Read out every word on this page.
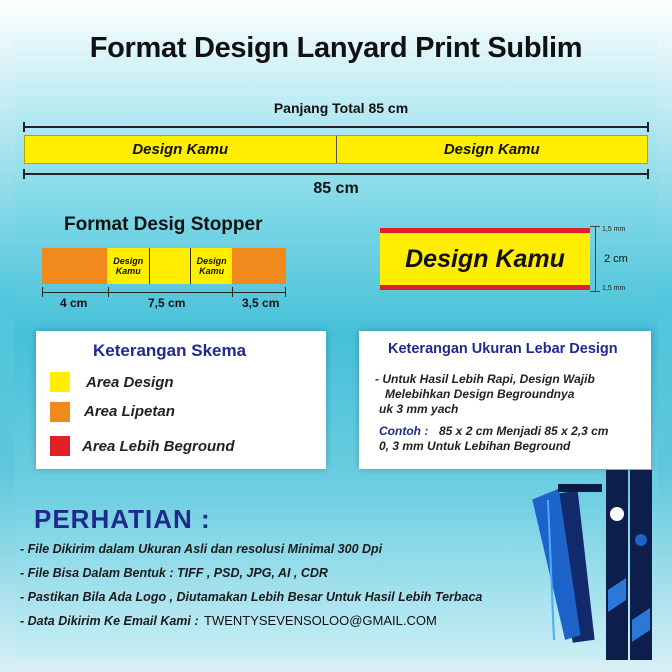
Format Design Lanyard Print Sublim
Panjang Total 85 cm
Design Kamu	Design Kamu
85 cm
Format Desig Stopper
Design Kamu
Design Kamu
4 cm	7,5 cm	3,5 cm
Design Kamu
1,5 mm
2 cm
1,5 mm
Keterangan Skema
Area Design
Area Lipetan
Area Lebih Beground
Keterangan Ukuran Lebar Design
- Untuk Hasil Lebih Rapi, Design Wajib
Melebihkan Design Begroundnya
uk 3 mm yach
Contoh : 85 x 2 cm Menjadi 85 x 2,3 cm
0, 3 mm Untuk Lebihan Beground
PERHATIAN :
- File Dikirim dalam Ukuran Asli dan resolusi Minimal 300 Dpi
- File Bisa Dalam Bentuk : TIFF , PSD, JPG, AI , CDR
- Pastikan Bila Ada Logo , Diutamakan Lebih Besar Untuk Hasil Lebih Terbaca
- Data Dikirim Ke Email Kami : TWENTYSEVENSOLOO@GMAIL.COM
